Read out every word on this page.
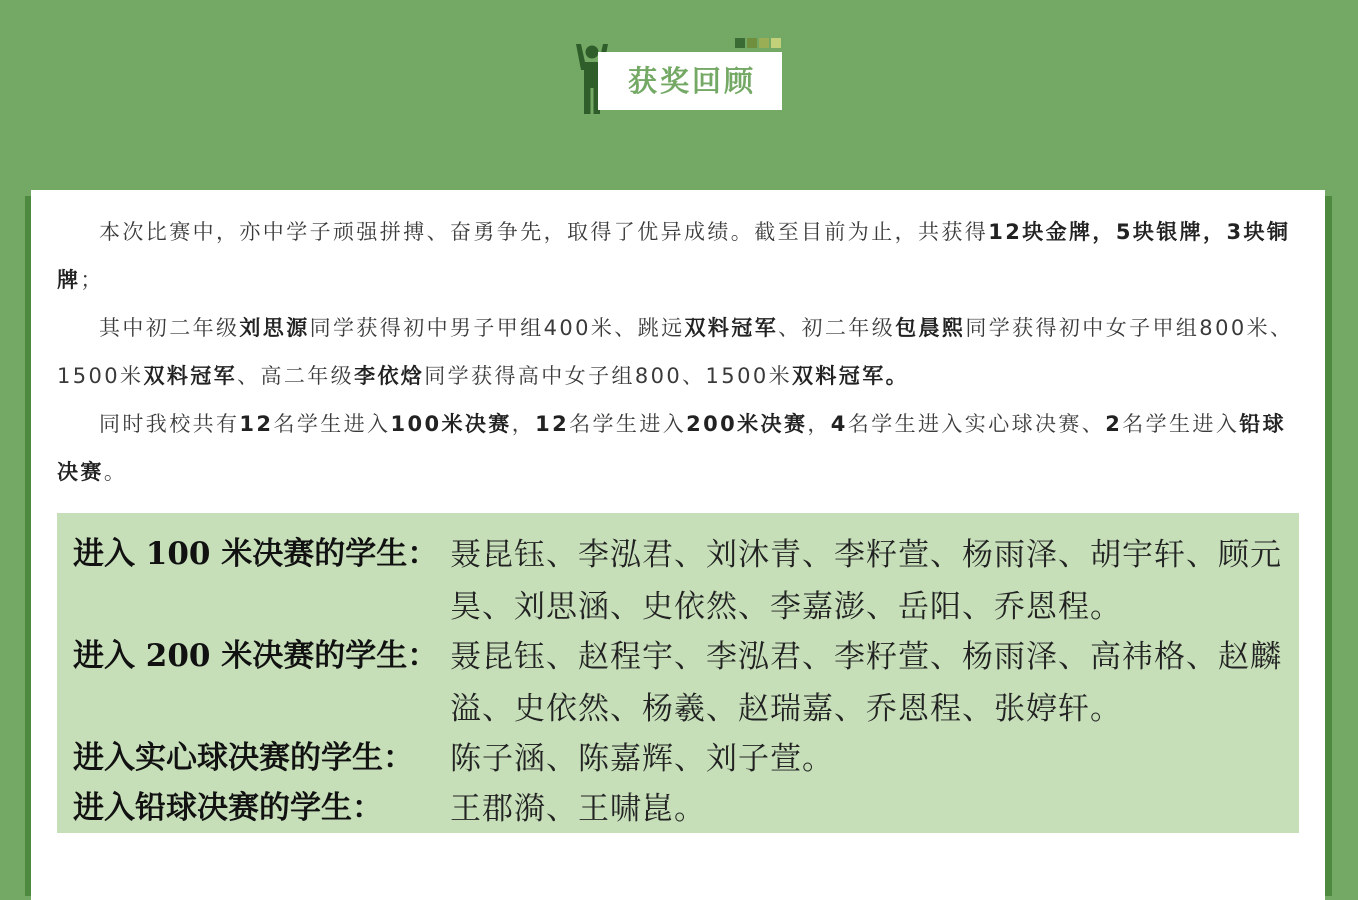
获奖回顾

本次比赛中，亦中学子顽强拼搏、奋勇争先，取得了优异成绩。截至目前为止，共获得12块金牌，5块银牌，3块铜牌；

其中初二年级刘思源同学获得初中男子甲组400米、跳远双料冠军、初二年级包晨熙同学获得初中女子甲组800米、1500米双料冠军、高二年级李依焓同学获得高中女子组800、1500米双料冠军。

同时我校共有12名学生进入100米决赛，12名学生进入200米决赛，4名学生进入实心球决赛、2名学生进入铅球决赛。

进入 100 米决赛的学生： 聂昆钰、李泓君、刘沐青、李籽萱、杨雨泽、胡宇轩、顾元昊、刘思涵、史依然、李嘉澎、岳阳、乔恩程。
进入 200 米决赛的学生： 聂昆钰、赵程宇、李泓君、李籽萱、杨雨泽、高祎格、赵麟溢、史依然、杨羲、赵瑞嘉、乔恩程、张婷轩。
进入实心球决赛的学生： 陈子涵、陈嘉辉、刘子萱。
进入铅球决赛的学生： 王郡漪、王啸崑。
